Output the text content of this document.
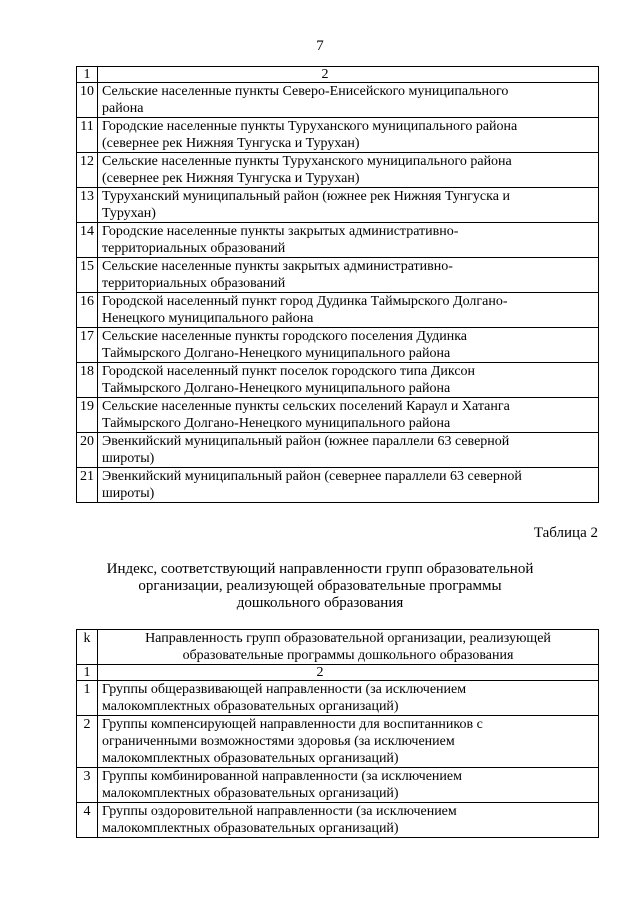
7
1	2
10	Сельские населенные пункты Северо-Енисейского муниципального района
11	Городские населенные пункты Туруханского муниципального района (севернее рек Нижняя Тунгуска и Турухан)
12	Сельские населенные пункты Туруханского муниципального района (севернее рек Нижняя Тунгуска и Турухан)
13	Туруханский муниципальный район (южнее рек Нижняя Тунгуска и Турухан)
14	Городские населенные пункты закрытых административно-территориальных образований
15	Сельские населенные пункты закрытых административно-территориальных образований
16	Городской населенный пункт город Дудинка Таймырского Долгано-Ненецкого муниципального района
17	Сельские населенные пункты городского поселения Дудинка Таймырского Долгано-Ненецкого муниципального района
18	Городской населенный пункт поселок городского типа Диксон Таймырского Долгано-Ненецкого муниципального района
19	Сельские населенные пункты сельских поселений Караул и Хатанга Таймырского Долгано-Ненецкого муниципального района
20	Эвенкийский муниципальный район (южнее параллели 63 северной широты)
21	Эвенкийский муниципальный район (севернее параллели 63 северной широты)
Таблица 2
Индекс, соответствующий направленности групп образовательной
организации, реализующей образовательные программы
дошкольного образования
k	Направленность групп образовательной организации, реализующей образовательные программы дошкольного образования
1	2
1	Группы общеразвивающей направленности (за исключением малокомплектных образовательных организаций)
2	Группы компенсирующей направленности для воспитанников с ограниченными возможностями здоровья (за исключением малокомплектных образовательных организаций)
3	Группы комбинированной направленности (за исключением малокомплектных образовательных организаций)
4	Группы оздоровительной направленности (за исключением малокомплектных образовательных организаций)
